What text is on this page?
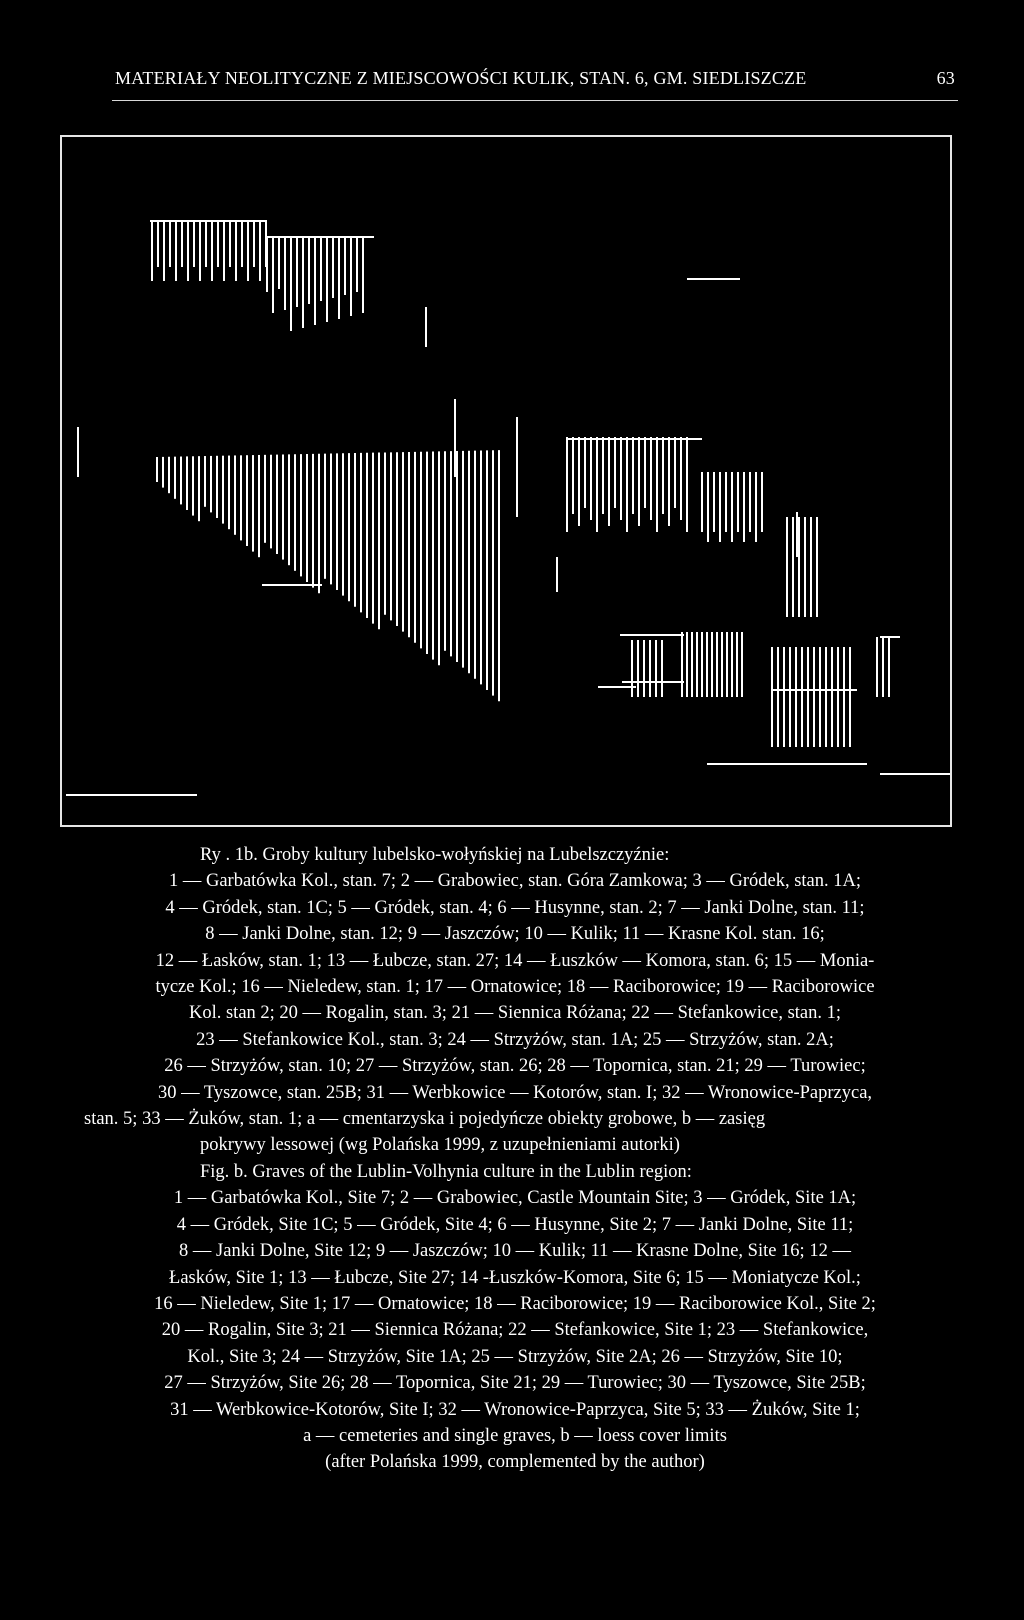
MATERIAŁY NEOLITYCZNE Z MIEJSCOWOŚCI KULIK, STAN. 6, GM. SIEDLISZCZE	63
Ry . 1b. Groby kultury lubelsko-wołyńskiej na Lubelszczyźnie:
1 — Garbatówka Kol., stan. 7; 2 — Grabowiec, stan. Góra Zamkowa; 3 — Gródek, stan. 1A;
4 — Gródek, stan. 1C; 5 — Gródek, stan. 4; 6 — Husynne, stan. 2; 7 — Janki Dolne, stan. 11;
8 — Janki Dolne, stan. 12; 9 — Jaszczów; 10 — Kulik; 11 — Krasne Kol. stan. 16;
12 — Łasków, stan. 1; 13 — Łubcze, stan. 27; 14 — Łuszków — Komora, stan. 6; 15 — Monia-
tycze Kol.; 16 — Nieledew, stan. 1; 17 — Ornatowice; 18 — Raciborowice; 19 — Raciborowice
Kol. stan 2; 20 — Rogalin, stan. 3; 21 — Siennica Różana; 22 — Stefankowice, stan. 1;
23 — Stefankowice Kol., stan. 3; 24 — Strzyżów, stan. 1A; 25 — Strzyżów, stan. 2A;
26 — Strzyżów, stan. 10; 27 — Strzyżów, stan. 26; 28 — Topornica, stan. 21; 29 — Turowiec;
30 — Tyszowce, stan. 25B; 31 — Werbkowice — Kotorów, stan. I; 32 — Wronowice-Paprzyca,
stan. 5; 33 — Żuków, stan. 1; a — cmentarzyska i pojedyńcze obiekty grobowe, b — zasięg
pokrywy lessowej (wg Polańska 1999, z uzupełnieniami autorki)
Fig. b. Graves of the Lublin-Volhynia culture in the Lublin region:
1 — Garbatówka Kol., Site 7; 2 — Grabowiec, Castle Mountain Site; 3 — Gródek, Site 1A;
4 — Gródek, Site 1C; 5 — Gródek, Site 4; 6 — Husynne, Site 2; 7 — Janki Dolne, Site 11;
8 — Janki Dolne, Site 12; 9 — Jaszczów; 10 — Kulik; 11 — Krasne Dolne, Site 16; 12 —
Łasków, Site 1; 13 — Łubcze, Site 27; 14 -Łuszków-Komora, Site 6; 15 — Moniatycze Kol.;
16 — Nieledew, Site 1; 17 — Ornatowice; 18 — Raciborowice; 19 — Raciborowice Kol., Site 2;
20 — Rogalin, Site 3; 21 — Siennica Różana; 22 — Stefankowice, Site 1; 23 — Stefankowice,
Kol., Site 3; 24 — Strzyżów, Site 1A; 25 — Strzyżów, Site 2A; 26 — Strzyżów, Site 10;
27 — Strzyżów, Site 26; 28 — Topornica, Site 21; 29 — Turowiec; 30 — Tyszowce, Site 25B;
31 — Werbkowice-Kotorów, Site I; 32 — Wronowice-Paprzyca, Site 5; 33 — Żuków, Site 1;
a — cemeteries and single graves, b — loess cover limits
(after Polańska 1999, complemented by the author)
